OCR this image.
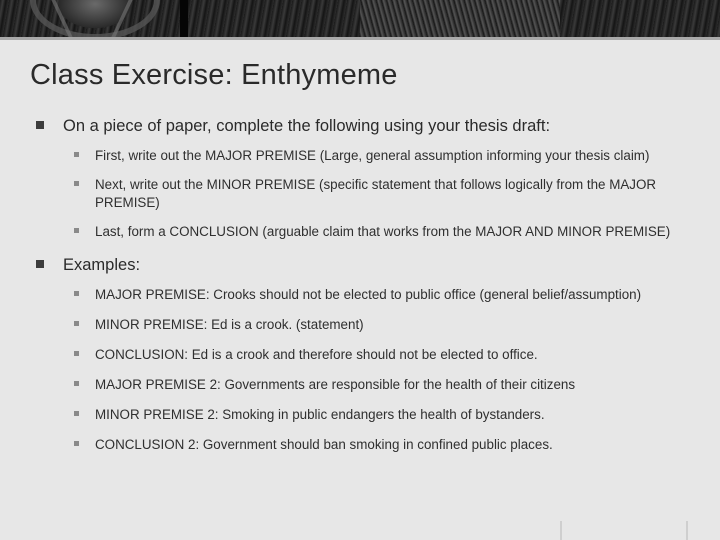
Class Exercise: Enthymeme
On a piece of paper, complete the following using your thesis draft:
First, write out the MAJOR PREMISE (Large, general assumption informing your thesis claim)
Next, write out the MINOR PREMISE (specific statement that follows logically from the MAJOR PREMISE)
Last, form a CONCLUSION (arguable claim that works from the MAJOR AND MINOR PREMISE)
Examples:
MAJOR PREMISE: Crooks should not be elected to public office (general belief/assumption)
MINOR PREMISE: Ed is a crook. (statement)
CONCLUSION: Ed is a crook and therefore should not be elected to office.
MAJOR PREMISE 2: Governments are responsible for the health of their citizens
MINOR PREMISE 2: Smoking in public endangers the health of bystanders.
CONCLUSION 2: Government should ban smoking in confined public places.
